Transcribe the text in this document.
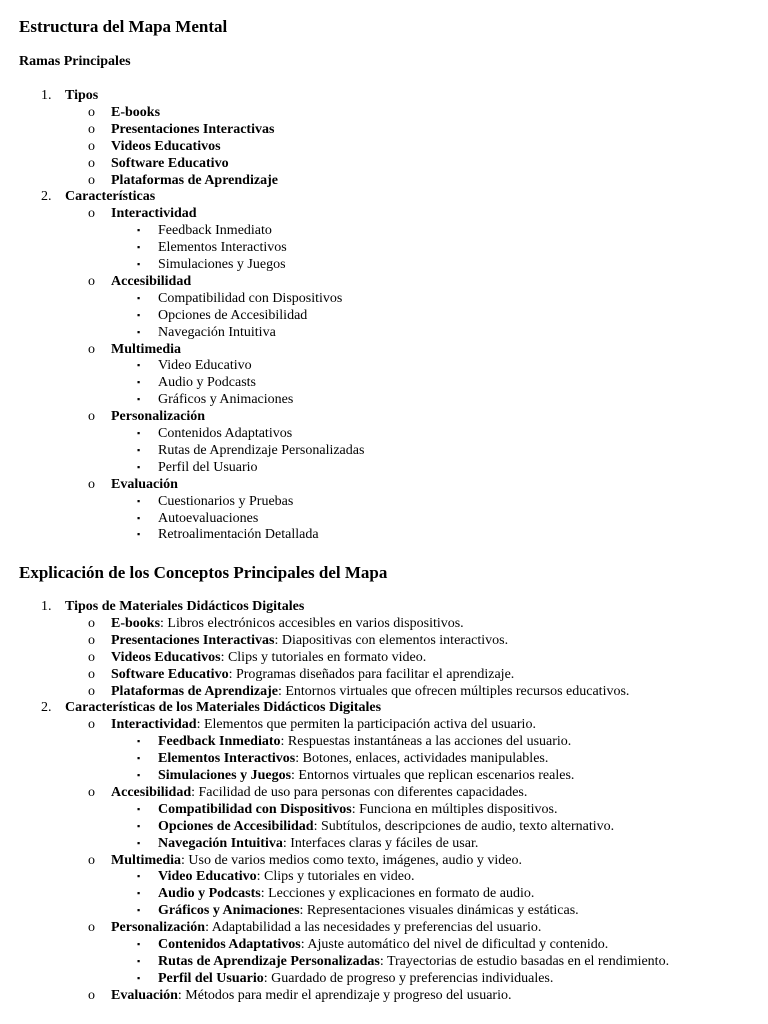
Estructura del Mapa Mental
Ramas Principales
1. Tipos
o E-books
o Presentaciones Interactivas
o Videos Educativos
o Software Educativo
o Plataformas de Aprendizaje
2. Características
o Interactividad
▪ Feedback Inmediato
▪ Elementos Interactivos
▪ Simulaciones y Juegos
o Accesibilidad
▪ Compatibilidad con Dispositivos
▪ Opciones de Accesibilidad
▪ Navegación Intuitiva
o Multimedia
▪ Video Educativo
▪ Audio y Podcasts
▪ Gráficos y Animaciones
o Personalización
▪ Contenidos Adaptativos
▪ Rutas de Aprendizaje Personalizadas
▪ Perfil del Usuario
o Evaluación
▪ Cuestionarios y Pruebas
▪ Autoevaluaciones
▪ Retroalimentación Detallada
Explicación de los Conceptos Principales del Mapa
1. Tipos de Materiales Didácticos Digitales
o E-books: Libros electrónicos accesibles en varios dispositivos.
o Presentaciones Interactivas: Diapositivas con elementos interactivos.
o Videos Educativos: Clips y tutoriales en formato video.
o Software Educativo: Programas diseñados para facilitar el aprendizaje.
o Plataformas de Aprendizaje: Entornos virtuales que ofrecen múltiples recursos educativos.
2. Características de los Materiales Didácticos Digitales
o Interactividad: Elementos que permiten la participación activa del usuario.
▪ Feedback Inmediato: Respuestas instantáneas a las acciones del usuario.
▪ Elementos Interactivos: Botones, enlaces, actividades manipulables.
▪ Simulaciones y Juegos: Entornos virtuales que replican escenarios reales.
o Accesibilidad: Facilidad de uso para personas con diferentes capacidades.
▪ Compatibilidad con Dispositivos: Funciona en múltiples dispositivos.
▪ Opciones de Accesibilidad: Subtítulos, descripciones de audio, texto alternativo.
▪ Navegación Intuitiva: Interfaces claras y fáciles de usar.
o Multimedia: Uso de varios medios como texto, imágenes, audio y video.
▪ Video Educativo: Clips y tutoriales en video.
▪ Audio y Podcasts: Lecciones y explicaciones en formato de audio.
▪ Gráficos y Animaciones: Representaciones visuales dinámicas y estáticas.
o Personalización: Adaptabilidad a las necesidades y preferencias del usuario.
▪ Contenidos Adaptativos: Ajuste automático del nivel de dificultad y contenido.
▪ Rutas de Aprendizaje Personalizadas: Trayectorias de estudio basadas en el rendimiento.
▪ Perfil del Usuario: Guardado de progreso y preferencias individuales.
o Evaluación: Métodos para medir el aprendizaje y progreso del usuario.
